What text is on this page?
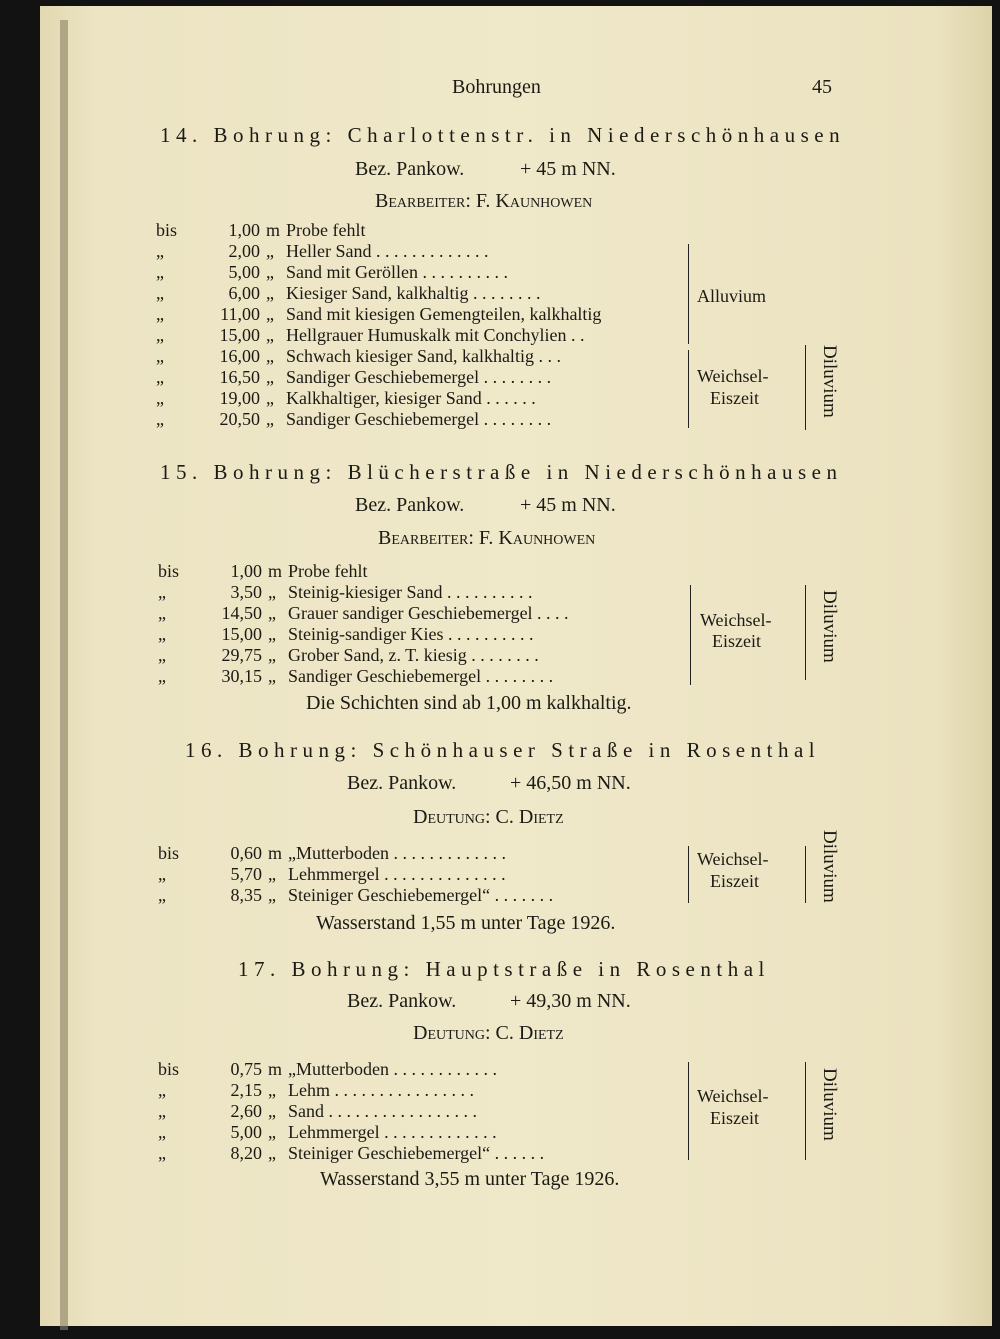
Bohrungen	45
14. Bohrung: Charlottenstr. in Niederschönhausen
Bez. Pankow.	+ 45 m NN.
Bearbeiter: F. Kaunhowen
bis	1,00 m Probe fehlt
„	2,00 „ Heller Sand . . . . . . . . . . . . .
„	5,00 „ Sand mit Geröllen . . . . . . . . . .
„	6,00 „ Kiesiger Sand, kalkhaltig . . . . . . . .
„	11,00 „ Sand mit kiesigen Gemengteilen, kalkhaltig
„	15,00 „ Hellgrauer Humuskalk mit Conchylien . .
„	16,00 „ Schwach kiesiger Sand, kalkhaltig . . .
„	16,50 „ Sandiger Geschiebemergel . . . . . . . .
„	19,00 „ Kalkhaltiger, kiesiger Sand . . . . . .
„	20,50 „ Sandiger Geschiebemergel . . . . . . . .
Alluvium
Weichsel-
Eiszeit	Diluvium
15. Bohrung: Blücherstraße in Niederschönhausen
Bez. Pankow.	+ 45 m NN.
Bearbeiter: F. Kaunhowen
bis	1,00 m Probe fehlt
„	3,50 „ Steinig-kiesiger Sand . . . . . . . . . .
„	14,50 „ Grauer sandiger Geschiebemergel . . . .
„	15,00 „ Steinig-sandiger Kies . . . . . . . . . .
„	29,75 „ Grober Sand, z. T. kiesig . . . . . . . .
„	30,15 „ Sandiger Geschiebemergel . . . . . . . .
Die Schichten sind ab 1,00 m kalkhaltig.
Weichsel-
Eiszeit	Diluvium
16. Bohrung: Schönhauser Straße in Rosenthal
Bez. Pankow.	+ 46,50 m NN.
Deutung: C. Dietz
bis	0,60 m „Mutterboden . . . . . . . . . . . . .
„	5,70 „ Lehmmergel . . . . . . . . . . . . . .
„	8,35 „ Steiniger Geschiebemergel“ . . . . . . .
Wasserstand 1,55 m unter Tage 1926.
Weichsel-
Eiszeit	Diluvium
17. Bohrung: Hauptstraße in Rosenthal
Bez. Pankow.	+ 49,30 m NN.
Deutung: C. Dietz
bis	0,75 m „Mutterboden . . . . . . . . . . . .
„	2,15 „ Lehm . . . . . . . . . . . . . . . .
„	2,60 „ Sand . . . . . . . . . . . . . . . . .
„	5,00 „ Lehmmergel . . . . . . . . . . . . .
„	8,20 „ Steiniger Geschiebemergel“ . . . . . .
Wasserstand 3,55 m unter Tage 1926.
Weichsel-
Eiszeit	Diluvium
